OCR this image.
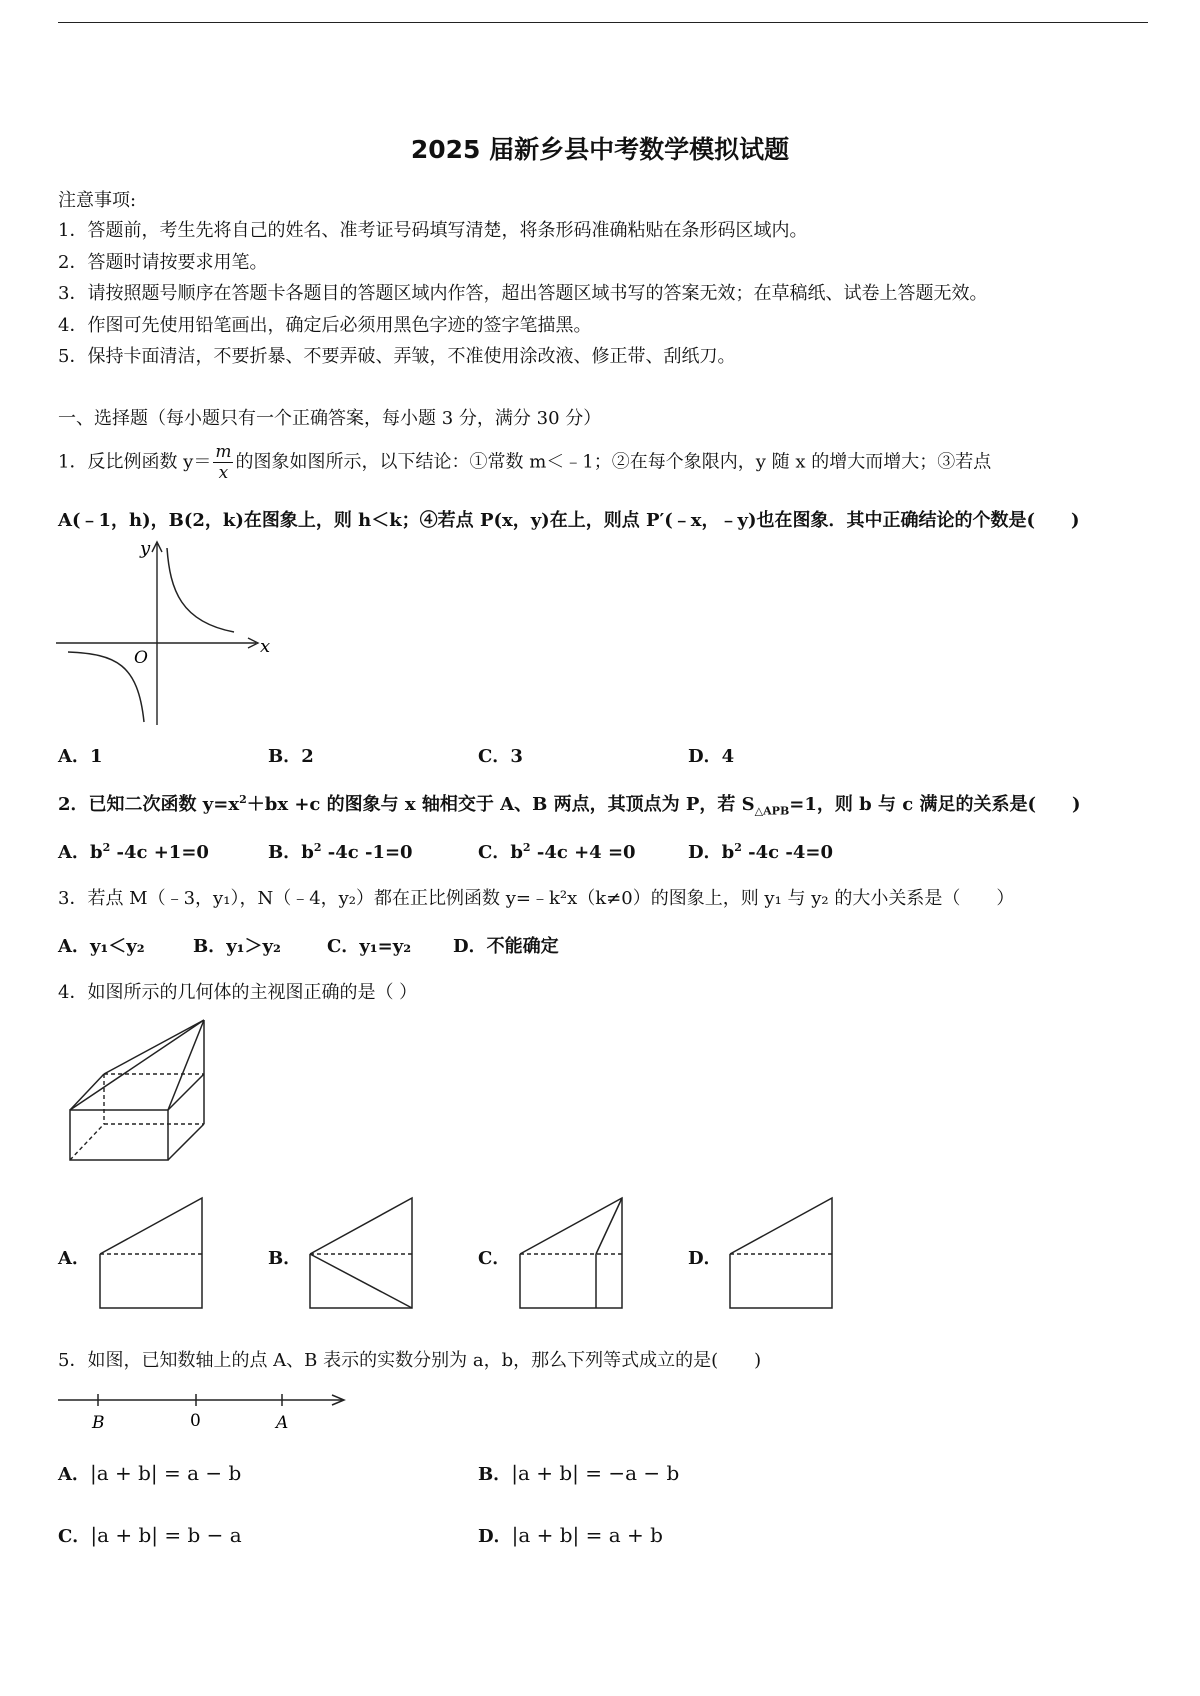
2025 届新乡县中考数学模拟试题
注意事项:
1．答题前，考生先将自己的姓名、准考证号码填写清楚，将条形码准确粘贴在条形码区域内。
2．答题时请按要求用笔。
3．请按照题号顺序在答题卡各题目的答题区域内作答，超出答题区域书写的答案无效；在草稿纸、试卷上答题无效。
4．作图可先使用铅笔画出，确定后必须用黑色字迹的签字笔描黑。
5．保持卡面清洁，不要折暴、不要弄破、弄皱，不准使用涂改液、修正带、刮纸刀。
一、选择题（每小题只有一个正确答案，每小题 3 分，满分 30 分）
1．反比例函数 $y= \frac{m}{x}$ 的图象如图所示，以下结论：①常数 m＜﹣1；②在每个象限内，y 随 x 的增大而增大；③若点
A(﹣1，h)，B(2，k)在图象上，则 h＜k；④若点 P(x，y)在上，则点 P′(﹣x，﹣y)也在图象．其中正确结论的个数是(　　)
y
x
O
A．1	B．2	C．3	D．4
2．已知二次函数 $y=x^2+bx +c$ 的图象与 x 轴相交于 A、B 两点，其顶点为 P，若 $S_{\triangle APB}=1$，则 b 与 c 满足的关系是(　　)
A．$b^2$ -4c +1=0	B．$b^2$ -4c -1=0	C．$b^2$ -4c +4 =0	D．$b^2$ -4c -4=0
3．若点 M（﹣3，y₁），N（﹣4，y₂）都在正比例函数 y=﹣k²x（k≠0）的图象上，则 y₁ 与 y₂ 的大小关系是（　　）
A．y₁＜y₂	B．y₁＞y₂	C．y₁=y₂ D．不能确定
4．如图所示的几何体的主视图正确的是（ ）
A．	B．	C．	D．
5．如图，已知数轴上的点 A、B 表示的实数分别为 a，b，那么下列等式成立的是(　　)
B	0	A
A．|a + b| = a − b	B．|a + b| = −a − b
C．|a + b| = b − a	D．|a + b| = a + b
